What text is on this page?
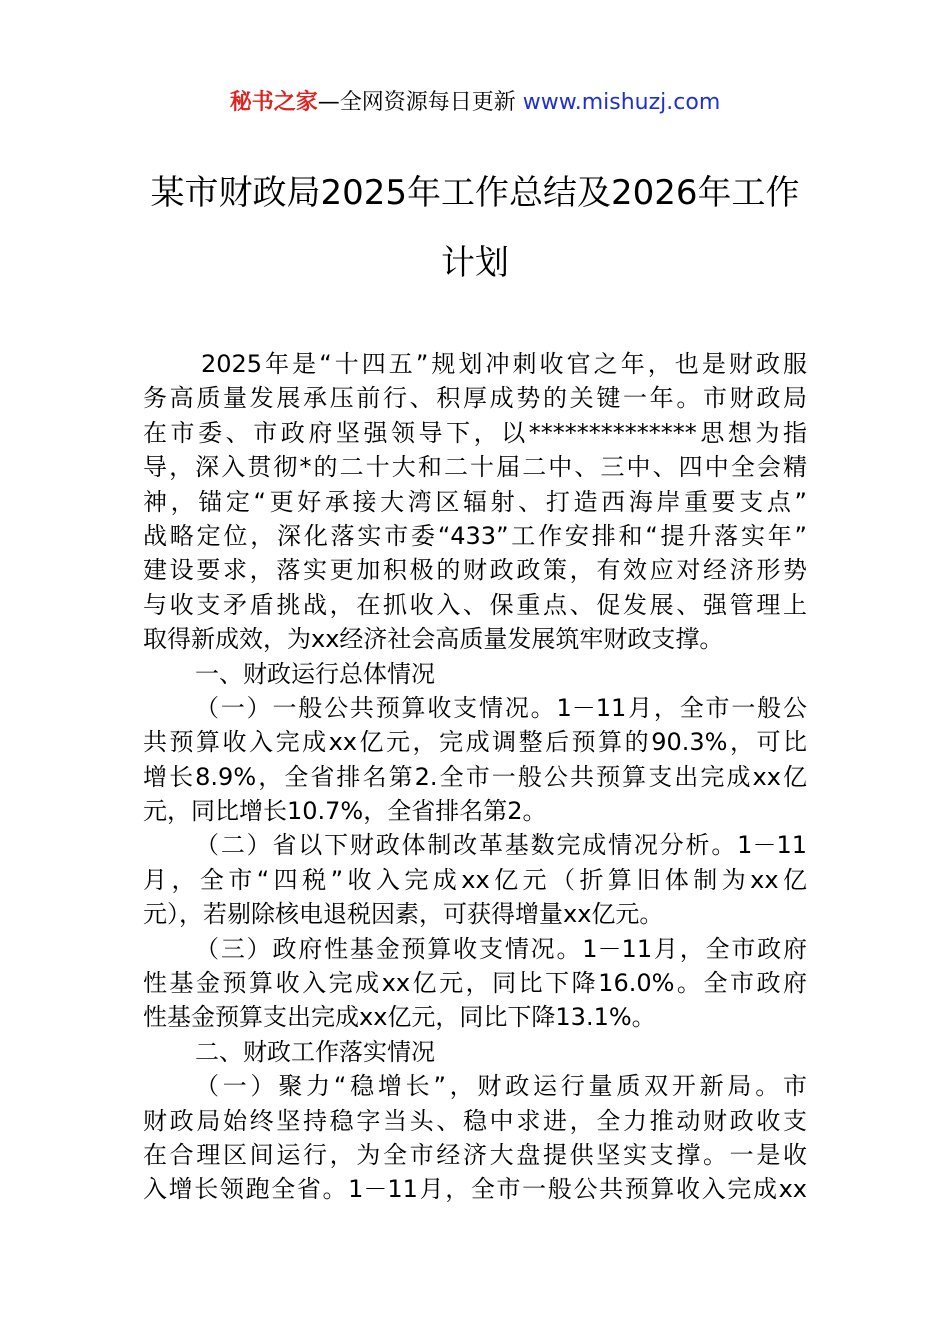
秘书之家—全网资源每日更新 www.mishuzj.com
某市财政局2025年工作总结及2026年工作
计划
2025年是“十四五”规划冲刺收官之年，也是财政服
务高质量发展承压前行、积厚成势的关键一年。市财政局
在市委、市政府坚强领导下，以**************思想为指
导，深入贯彻*的二十大和二十届二中、三中、四中全会精
神，锚定“更好承接大湾区辐射、打造西海岸重要支点”
战略定位，深化落实市委“433”工作安排和“提升落实年”
建设要求，落实更加积极的财政政策，有效应对经济形势
与收支矛盾挑战，在抓收入、保重点、促发展、强管理上
取得新成效，为xx经济社会高质量发展筑牢财政支撑。
一、财政运行总体情况
（一）一般公共预算收支情况。1－11月，全市一般公
共预算收入完成xx亿元，完成调整后预算的90.3%，可比
增长8.9%，全省排名第2.全市一般公共预算支出完成xx亿
元，同比增长10.7%，全省排名第2。
（二）省以下财政体制改革基数完成情况分析。1－11
月，全市“四税”收入完成xx亿元（折算旧体制为xx亿
元），若剔除核电退税因素，可获得增量xx亿元。
（三）政府性基金预算收支情况。1－11月，全市政府
性基金预算收入完成xx亿元，同比下降16.0%。全市政府
性基金预算支出完成xx亿元，同比下降13.1%。
二、财政工作落实情况
（一）聚力“稳增长”，财政运行量质双开新局。市
财政局始终坚持稳字当头、稳中求进，全力推动财政收支
在合理区间运行，为全市经济大盘提供坚实支撑。一是收
入增长领跑全省。1－11月，全市一般公共预算收入完成xx
